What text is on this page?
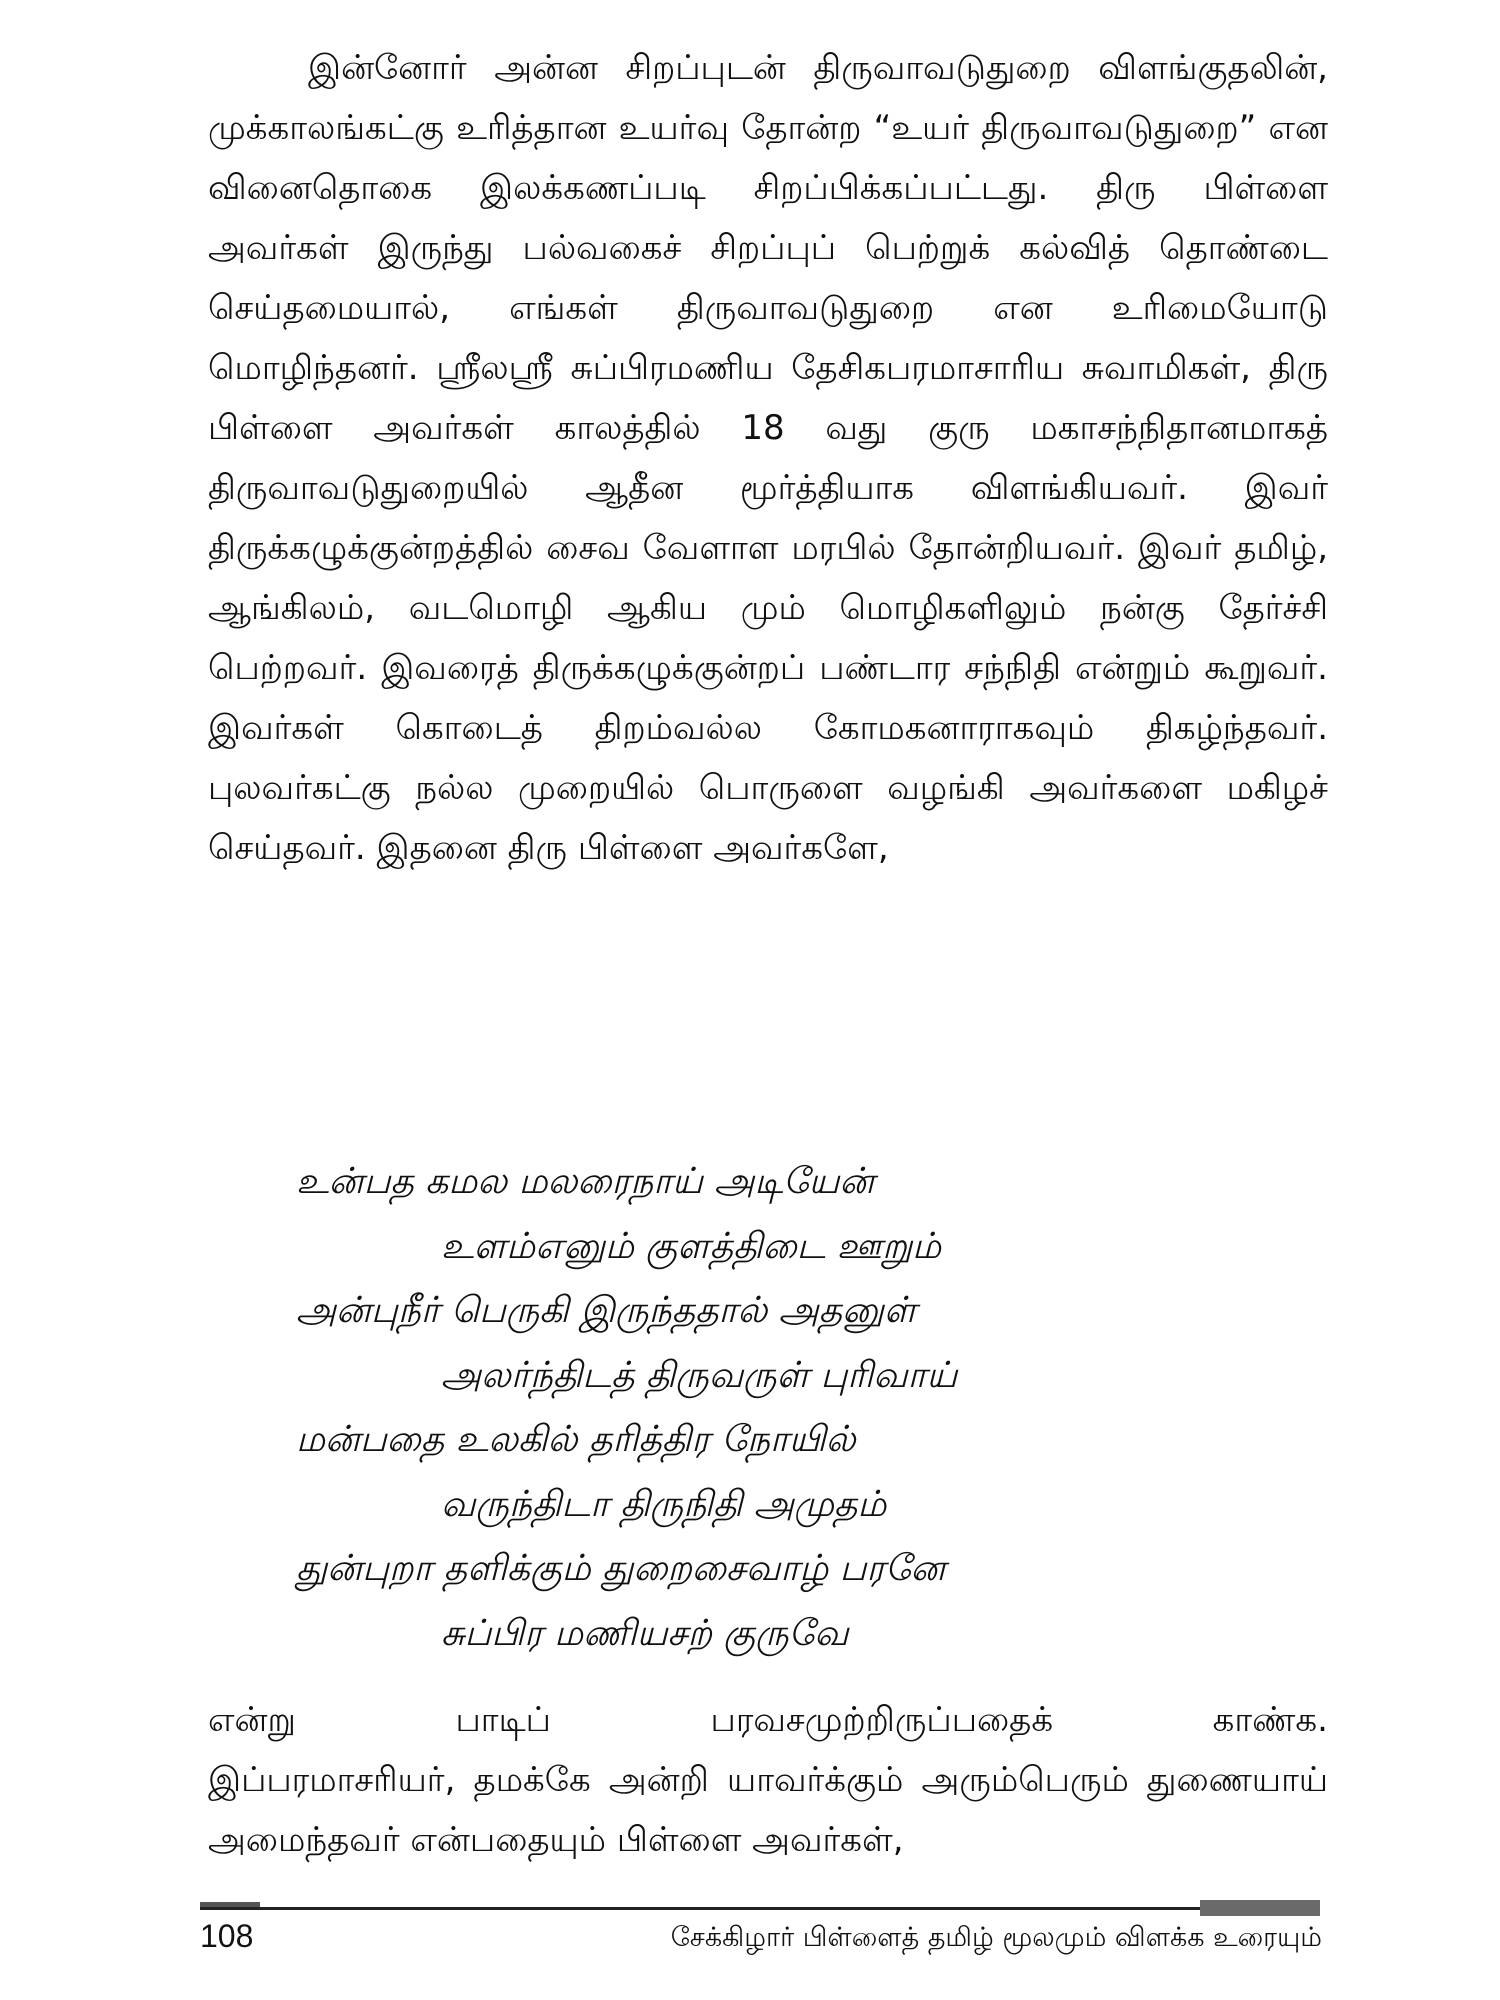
இன்னோர் அன்ன சிறப்புடன் திருவாவடுதுறை விளங்குதலின், முக்காலங்கட்கு உரித்தான உயர்வு தோன்ற “உயர் திருவாவடுதுறை” என வினைதொகை இலக்கணப்படி சிறப்பிக்கப்பட்டது. திரு பிள்ளை அவர்கள் இருந்து பல்வகைச் சிறப்புப் பெற்றுக் கல்வித் தொண்டை செய்தமையால், எங்கள் திருவாவடுதுறை என உரிமையோடு மொழிந்தனர். ஸ்ரீலஸ்ரீ சுப்பிரமணிய தேசிகபரமாசாரிய சுவாமிகள், திரு பிள்ளை அவர்கள் காலத்தில் 18 வது குரு மகாசந்நிதானமாகத் திருவாவடுதுறையில் ஆதீன மூர்த்தியாக விளங்கியவர். இவர் திருக்கழுக்குன்றத்தில் சைவ வேளாள மரபில் தோன்றியவர். இவர் தமிழ், ஆங்கிலம், வடமொழி ஆகிய மும் மொழிகளிலும் நன்கு தேர்ச்சி பெற்றவர். இவரைத் திருக்கழுக்குன்றப் பண்டார சந்நிதி என்றும் கூறுவர். இவர்கள் கொடைத் திறம்வல்ல கோமகனாராகவும் திகழ்ந்தவர். புலவர்கட்கு நல்ல முறையில் பொருளை வழங்கி அவர்களை மகிழச் செய்தவர். இதனை திரு பிள்ளை அவர்களே,

உன்பத கமல மலரைநாய் அடியேன்
உளம்எனும் குளத்திடை ஊறும்
அன்புநீர் பெருகி இருந்ததால் அதனுள்
அலர்ந்திடத் திருவருள் புரிவாய்
மன்பதை உலகில் தரித்திர நோயில்
வருந்திடா திருநிதி அமுதம்
துன்புறா தளிக்கும் துறைசைவாழ் பரனே
சுப்பிர மணியசற் குருவே

என்று பாடிப் பரவசமுற்றிருப்பதைக் காண்க.
இப்பரமாசரியர், தமக்கே அன்றி யாவர்க்கும் அரும்பெரும் துணையாய் அமைந்தவர் என்பதையும் பிள்ளை அவர்கள்,

108	சேக்கிழார் பிள்ளைத் தமிழ் மூலமும் விளக்க உரையும்
